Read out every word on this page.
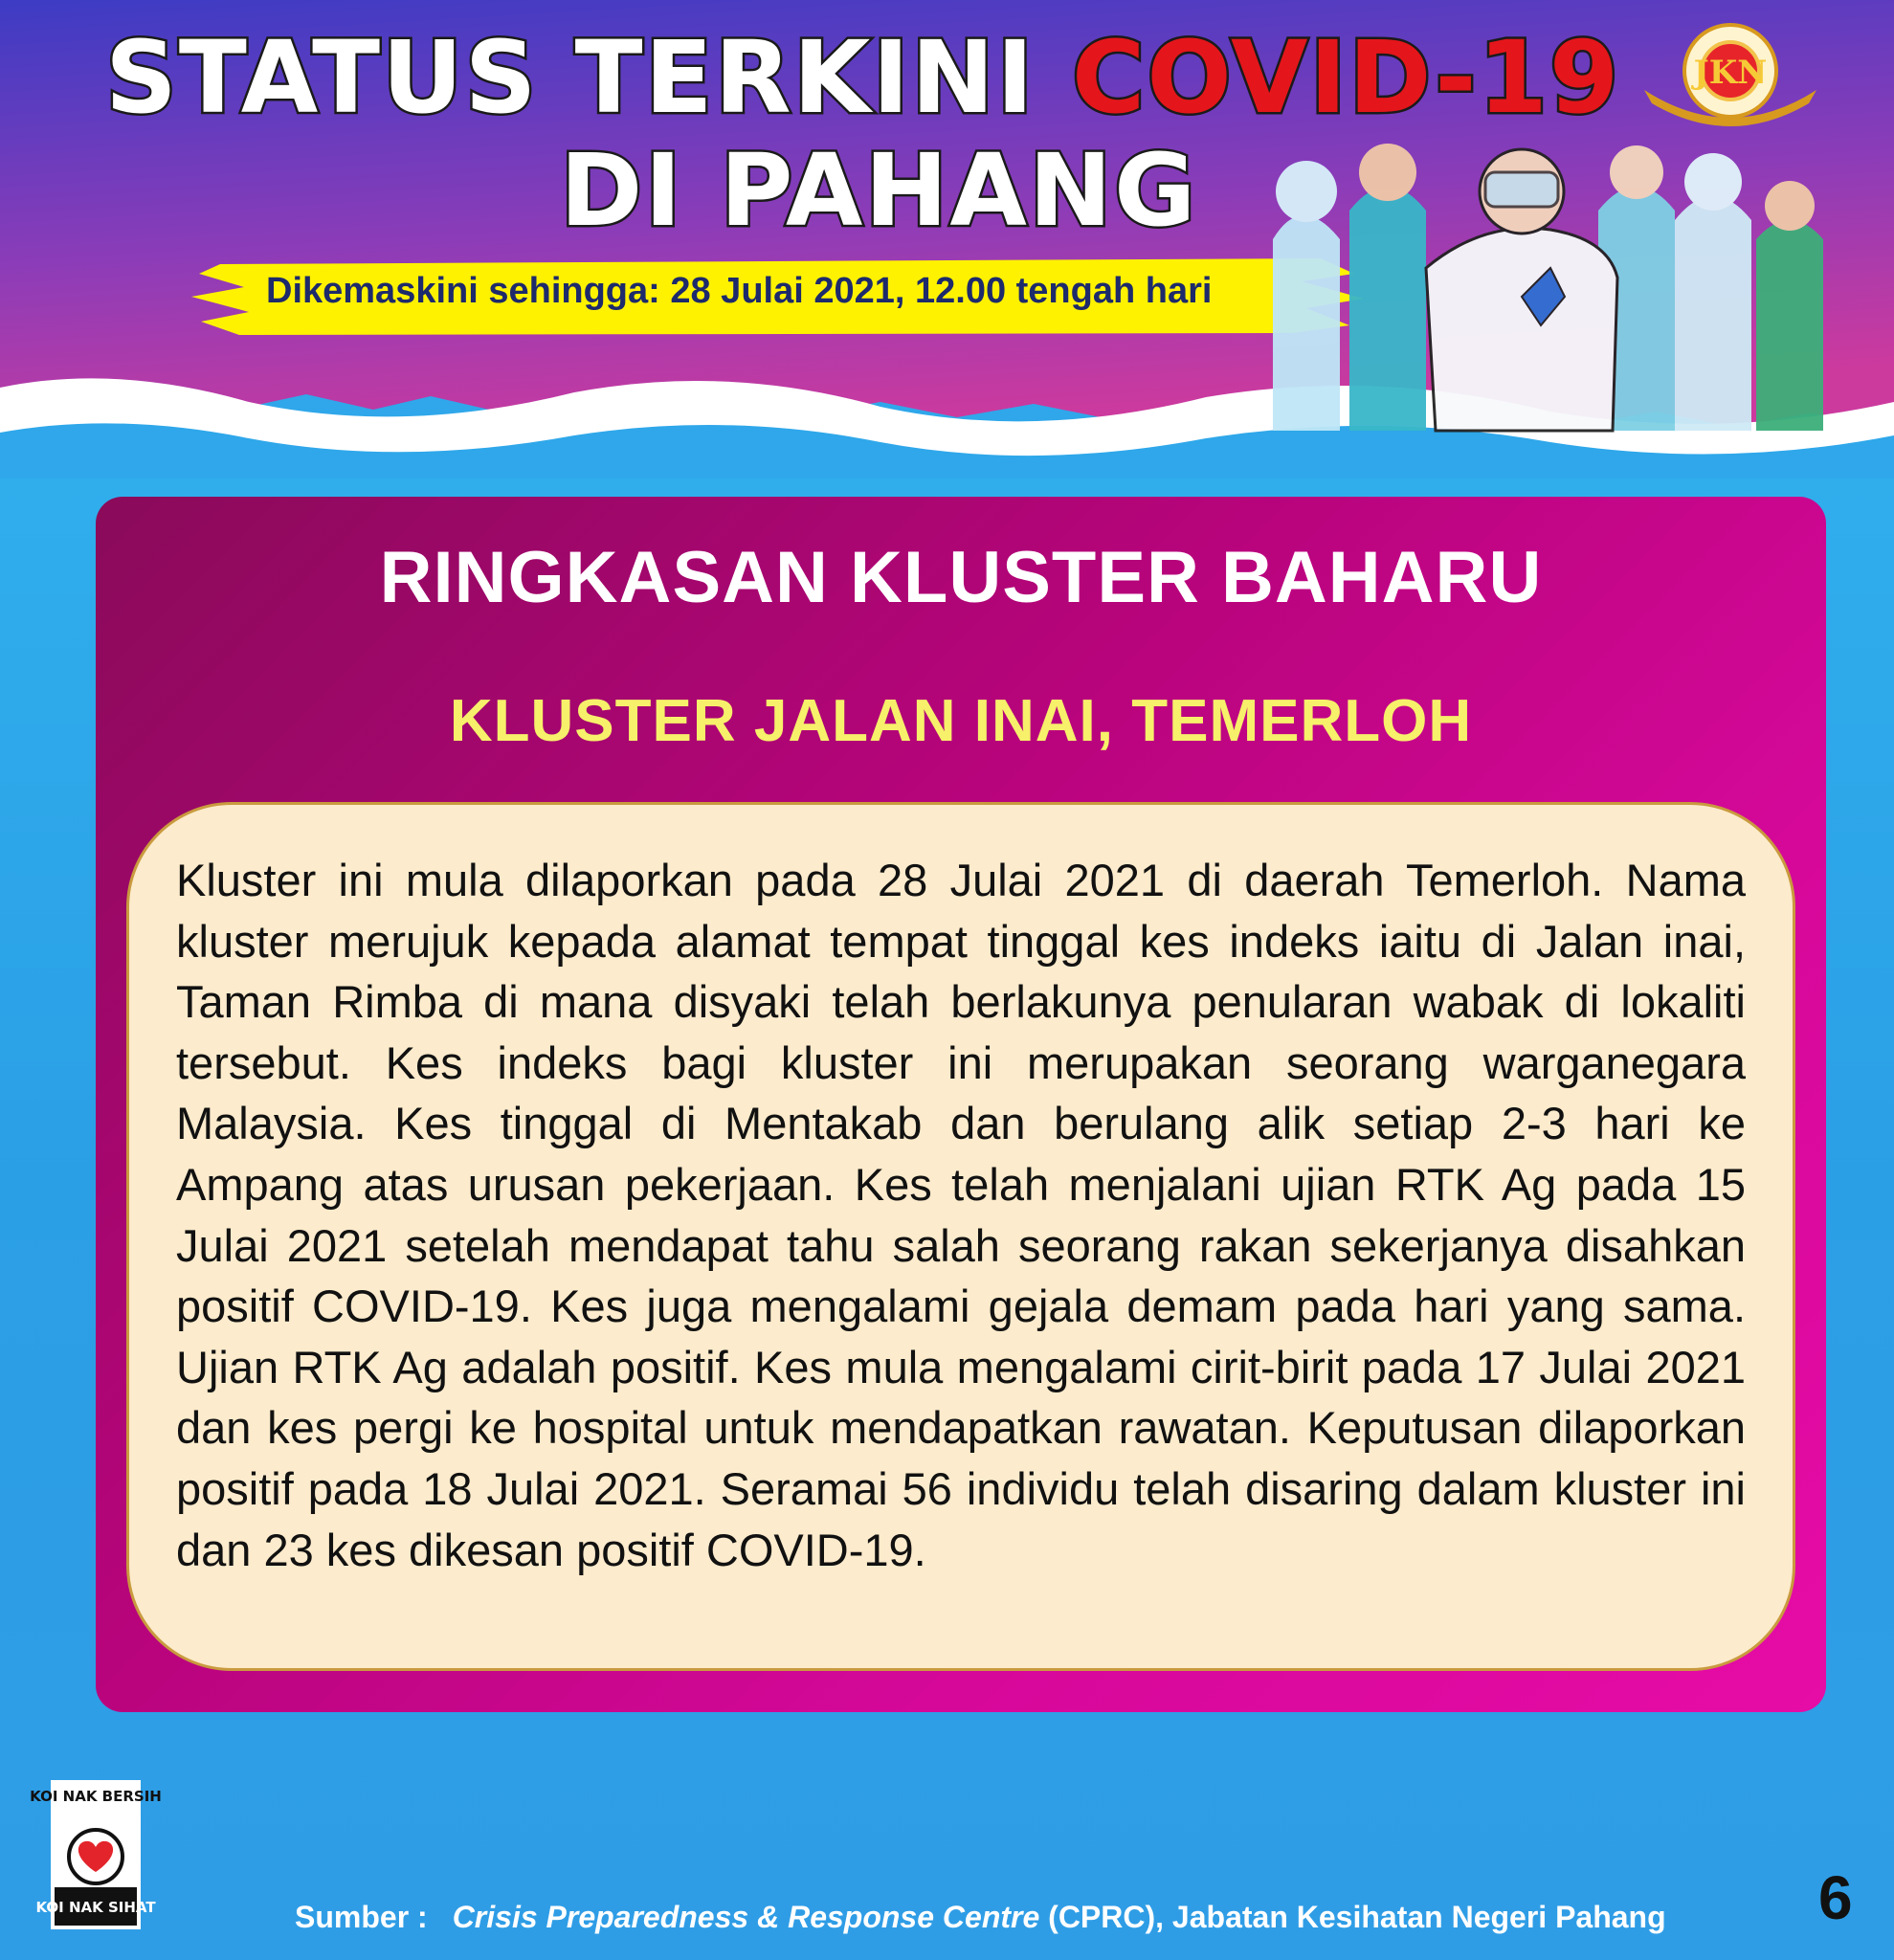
STATUS TERKINI COVID-19
DI PAHANG
Dikemaskini sehingga: 28 Julai 2021, 12.00 tengah hari
JKN
RINGKASAN KLUSTER BAHARU
KLUSTER JALAN INAI, TEMERLOH
Kluster ini mula dilaporkan pada 28 Julai 2021 di daerah Temerloh. Nama kluster merujuk kepada alamat tempat tinggal kes indeks iaitu di Jalan inai, Taman Rimba di mana disyaki telah berlakunya penularan wabak di lokaliti tersebut. Kes indeks bagi kluster ini merupakan seorang warganegara Malaysia. Kes tinggal di Mentakab dan berulang alik setiap 2-3 hari ke Ampang atas urusan pekerjaan. Kes telah menjalani ujian RTK Ag pada 15 Julai 2021 setelah mendapat tahu salah seorang rakan sekerjanya disahkan positif COVID-19. Kes juga mengalami gejala demam pada hari yang sama. Ujian RTK Ag adalah positif. Kes mula mengalami cirit-birit pada 17 Julai 2021 dan kes pergi ke hospital untuk mendapatkan rawatan. Keputusan dilaporkan positif pada 18 Julai 2021. Seramai 56 individu telah disaring dalam kluster ini dan 23 kes dikesan positif COVID-19.
KOI NAK BERSIH
KOI NAK SIHAT	Sumber : Crisis Preparedness & Response Centre (CPRC), Jabatan Kesihatan Negeri Pahang 6
